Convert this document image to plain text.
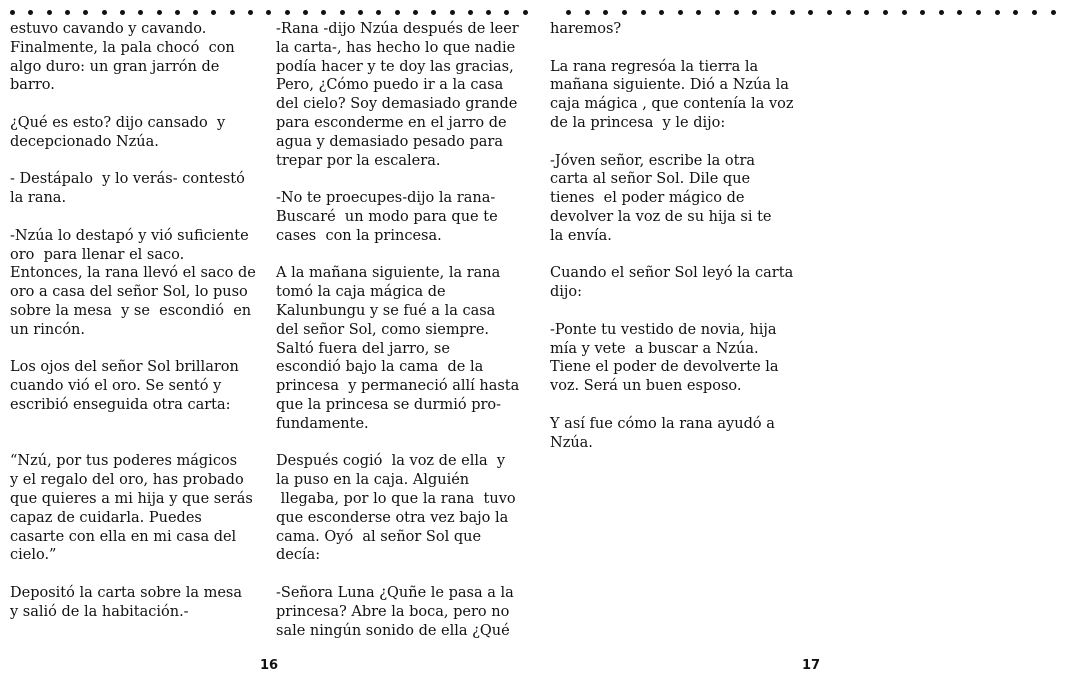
estuvo cavando y cavando.
Finalmente, la pala chocó  con
algo duro: un gran jarrón de
barro.

¿Qué es esto? dijo cansado  y
decepcionado Nzúa.

- Destápalo  y lo verás- contestó
la rana.

-Nzúa lo destapó y vió suficiente
oro  para llenar el saco.
Entonces, la rana llevó el saco de
oro a casa del señor Sol, lo puso
sobre la mesa  y se  escondió  en
un rincón.

Los ojos del señor Sol brillaron
cuando vió el oro. Se sentó y
escribió enseguida otra carta:

“Nzú, por tus poderes mágicos
y el regalo del oro, has probado
que quieres a mi hija y que serás
capaz de cuidarla. Puedes
casarte con ella en mi casa del
cielo.”

Depositó la carta sobre la mesa
y salió de la habitación.-

-Rana -dijo Nzúa después de leer
la carta-, has hecho lo que nadie
podía hacer y te doy las gracias,
Pero, ¿Cómo puedo ir a la casa
del cielo? Soy demasiado grande
para esconderme en el jarro de
agua y demasiado pesado para
trepar por la escalera.

-No te proecupes-dijo la rana-
Buscaré  un modo para que te
cases  con la princesa.

A la mañana siguiente, la rana
tomó la caja mágica de
Kalunbungu y se fué a la casa
del señor Sol, como siempre.
Saltó fuera del jarro, se
escondió bajo la cama  de la
princesa  y permaneció allí hasta
que la princesa se durmió pro-
fundamente.

Después cogió  la voz de ella  y
la puso en la caja. Alguién
llegaba, por lo que la rana  tuvo
que esconderse otra vez bajo la
cama. Oyó  al señor Sol que
decía:

-Señora Luna ¿Quñe le pasa a la
princesa? Abre la boca, pero no
sale ningún sonido de ella ¿Qué

16

haremos?

La rana regresóa la tierra la
mañana siguiente. Dió a Nzúa la
caja mágica , que contenía la voz
de la princesa  y le dijo:

-Jóven señor, escribe la otra
carta al señor Sol. Dile que
tienes  el poder mágico de
devolver la voz de su hija si te
la envía.

Cuando el señor Sol leyó la carta
dijo:

-Ponte tu vestido de novia, hija
mía y vete  a buscar a Nzúa.
Tiene el poder de devolverte la
voz. Será un buen esposo.

Y así fue cómo la rana ayudó a
Nzúa.

17
